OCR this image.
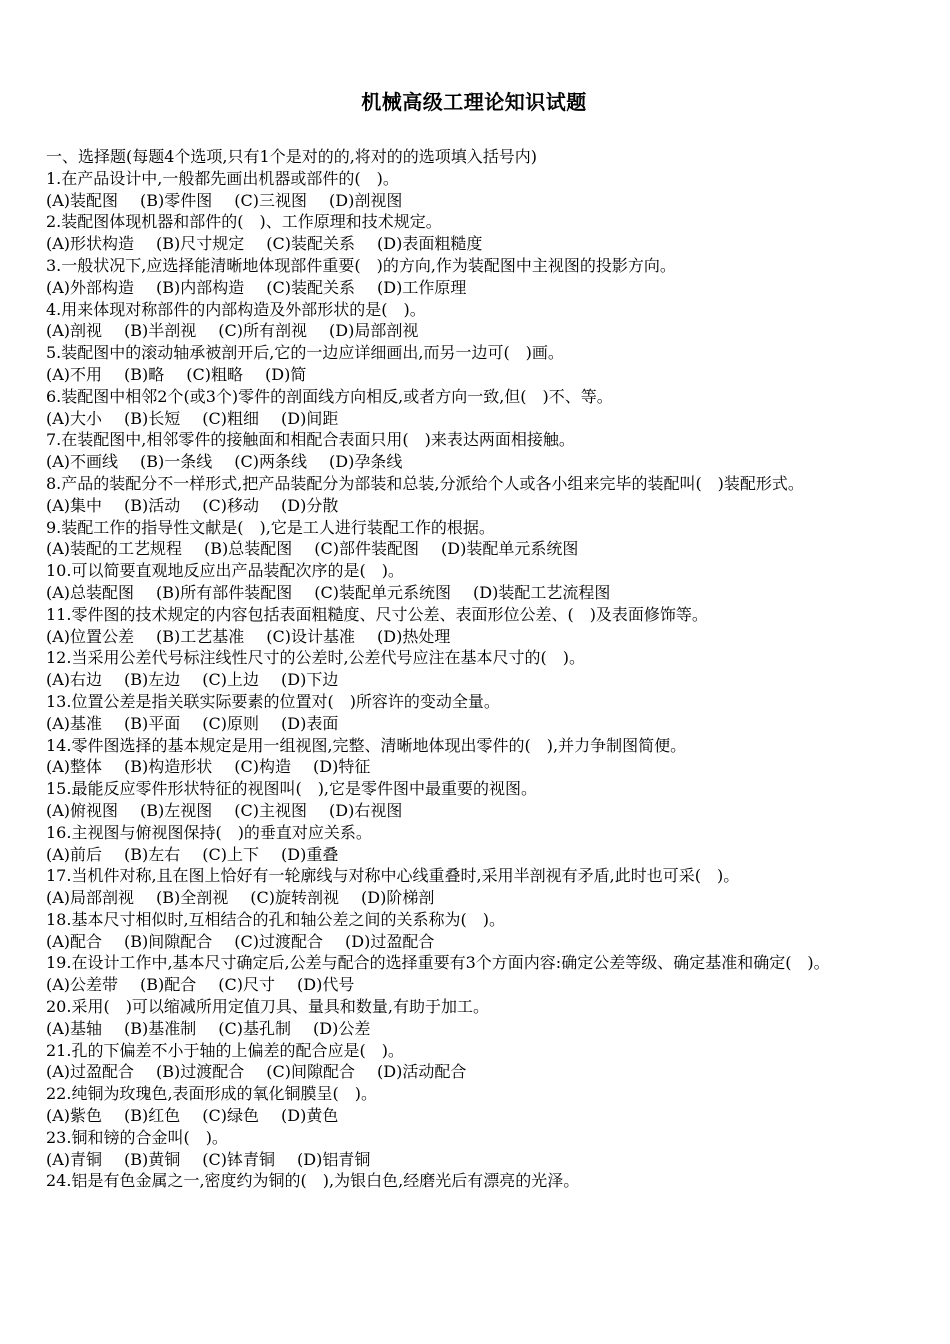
机械高级工理论知识试题
一、选择题(每题4个选项,只有1个是对的的,将对的的选项填入括号内)
1.在产品设计中,一般都先画出机器或部件的(　)。
(A)装配图 (B)零件图 (C)三视图 (D)剖视图
2.装配图体现机器和部件的(　)、工作原理和技术规定。
(A)形状构造 (B)尺寸规定 (C)装配关系 (D)表面粗糙度
3.一般状况下,应选择能清晰地体现部件重要(　)的方向,作为装配图中主视图的投影方向。
(A)外部构造 (B)内部构造 (C)装配关系 (D)工作原理
4.用来体现对称部件的内部构造及外部形状的是(　)。
(A)剖视 (B)半剖视 (C)所有剖视 (D)局部剖视
5.装配图中的滚动轴承被剖开后,它的一边应详细画出,而另一边可(　)画。
(A)不用 (B)略 (C)粗略 (D)简
6.装配图中相邻2个(或3个)零件的剖面线方向相反,或者方向一致,但(　)不、等。
(A)大小 (B)长短 (C)粗细 (D)间距
7.在装配图中,相邻零件的接触面和相配合表面只用(　)来表达两面相接触。
(A)不画线 (B)一条线 (C)两条线 (D)孕条线
8.产品的装配分不一样形式,把产品装配分为部装和总装,分派给个人或各小组来完毕的装配叫(　)装配形式。
(A)集中 (B)活动 (C)移动 (D)分散
9.装配工作的指导性文献是(　),它是工人进行装配工作的根据。
(A)装配的工艺规程 (B)总装配图 (C)部件装配图 (D)装配单元系统图
10.可以简要直观地反应出产品装配次序的是(　)。
(A)总装配图 (B)所有部件装配图 (C)装配单元系统图 (D)装配工艺流程图
11.零件图的技术规定的内容包括表面粗糙度、尺寸公差、表面形位公差、(　)及表面修饰等。
(A)位置公差 (B)工艺基准 (C)设计基准 (D)热处理
12.当采用公差代号标注线性尺寸的公差时,公差代号应注在基本尺寸的(　)。
(A)右边 (B)左边 (C)上边 (D)下边
13.位置公差是指关联实际要素的位置对(　)所容许的变动全量。
(A)基准 (B)平面 (C)原则 (D)表面
14.零件图选择的基本规定是用一组视图,完整、清晰地体现出零件的(　),并力争制图简便。
(A)整体 (B)构造形状 (C)构造 (D)特征
15.最能反应零件形状特征的视图叫(　),它是零件图中最重要的视图。
(A)俯视图 (B)左视图 (C)主视图 (D)右视图
16.主视图与俯视图保持(　)的垂直对应关系。
(A)前后 (B)左右 (C)上下 (D)重叠
17.当机件对称,且在图上恰好有一轮廓线与对称中心线重叠时,采用半剖视有矛盾,此时也可采(　)。
(A)局部剖视 (B)全剖视 (C)旋转剖视 (D)阶梯剖
18.基本尺寸相似时,互相结合的孔和轴公差之间的关系称为(　)。
(A)配合 (B)间隙配合 (C)过渡配合 (D)过盈配合
19.在设计工作中,基本尺寸确定后,公差与配合的选择重要有3个方面内容:确定公差等级、确定基准和确定(　)。
(A)公差带 (B)配合 (C)尺寸 (D)代号
20.采用(　)可以缩减所用定值刀具、量具和数量,有助于加工。
(A)基轴 (B)基准制 (C)基孔制 (D)公差
21.孔的下偏差不小于轴的上偏差的配合应是(　)。
(A)过盈配合 (B)过渡配合 (C)间隙配合 (D)活动配合
22.纯铜为玫瑰色,表面形成的氧化铜膜呈(　)。
(A)紫色 (B)红色 (C)绿色 (D)黄色
23.铜和镑的合金叫(　)。
(A)青铜 (B)黄铜 (C)钵青铜 (D)铝青铜
24.铝是有色金属之一,密度约为铜的(　),为银白色,经磨光后有漂亮的光泽。
